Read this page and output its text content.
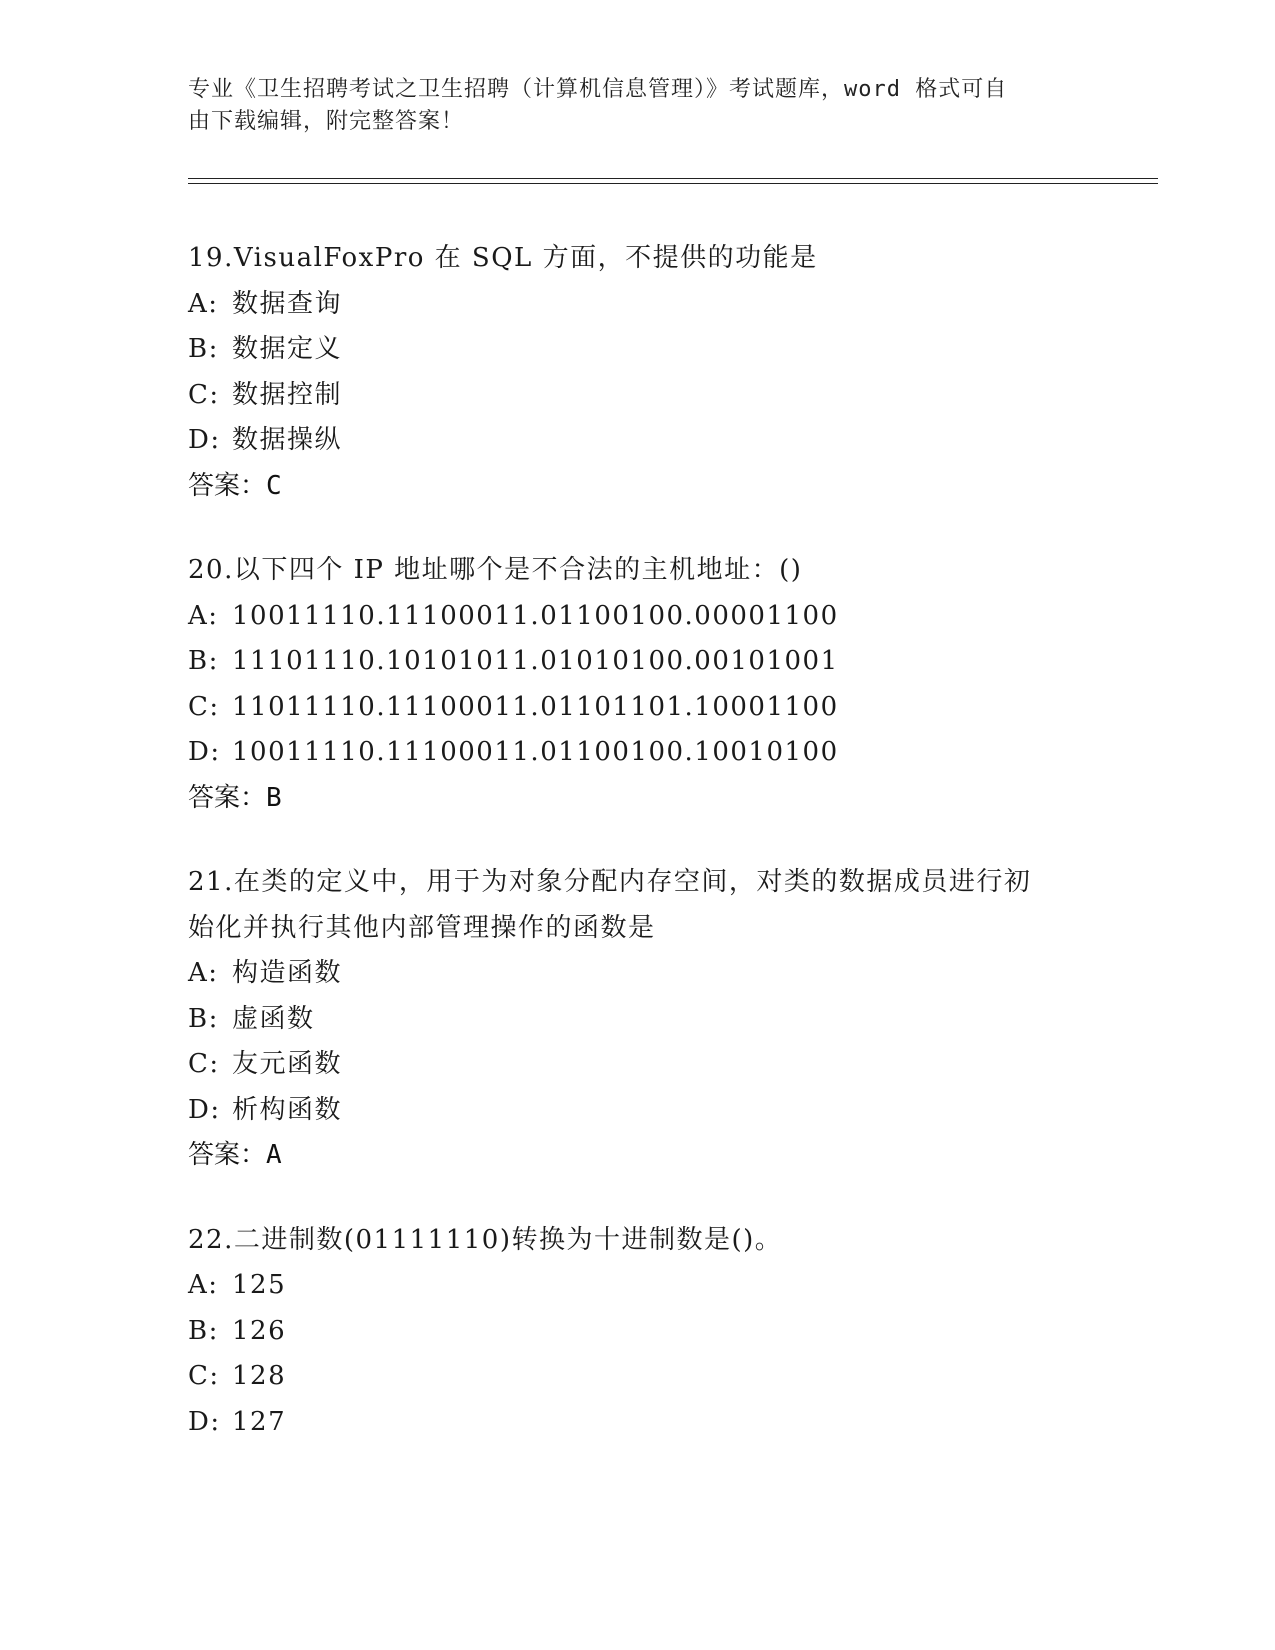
专业《卫生招聘考试之卫生招聘（计算机信息管理）》考试题库，word 格式可自
由下载编辑，附完整答案！
19.VisualFoxPro 在 SQL 方面，不提供的功能是
A: 数据查询
B: 数据定义
C: 数据控制
D: 数据操纵
答案：C
20.以下四个 IP 地址哪个是不合法的主机地址：()
A: 10011110.11100011.01100100.00001100
B: 11101110.10101011.01010100.00101001
C: 11011110.11100011.01101101.10001100
D: 10011110.11100011.01100100.10010100
答案：B
21.在类的定义中，用于为对象分配内存空间，对类的数据成员进行初
始化并执行其他内部管理操作的函数是
A: 构造函数
B: 虚函数
C: 友元函数
D: 析构函数
答案：A
22.二进制数(01111110)转换为十进制数是()。
A: 125
B: 126
C: 128
D: 127
